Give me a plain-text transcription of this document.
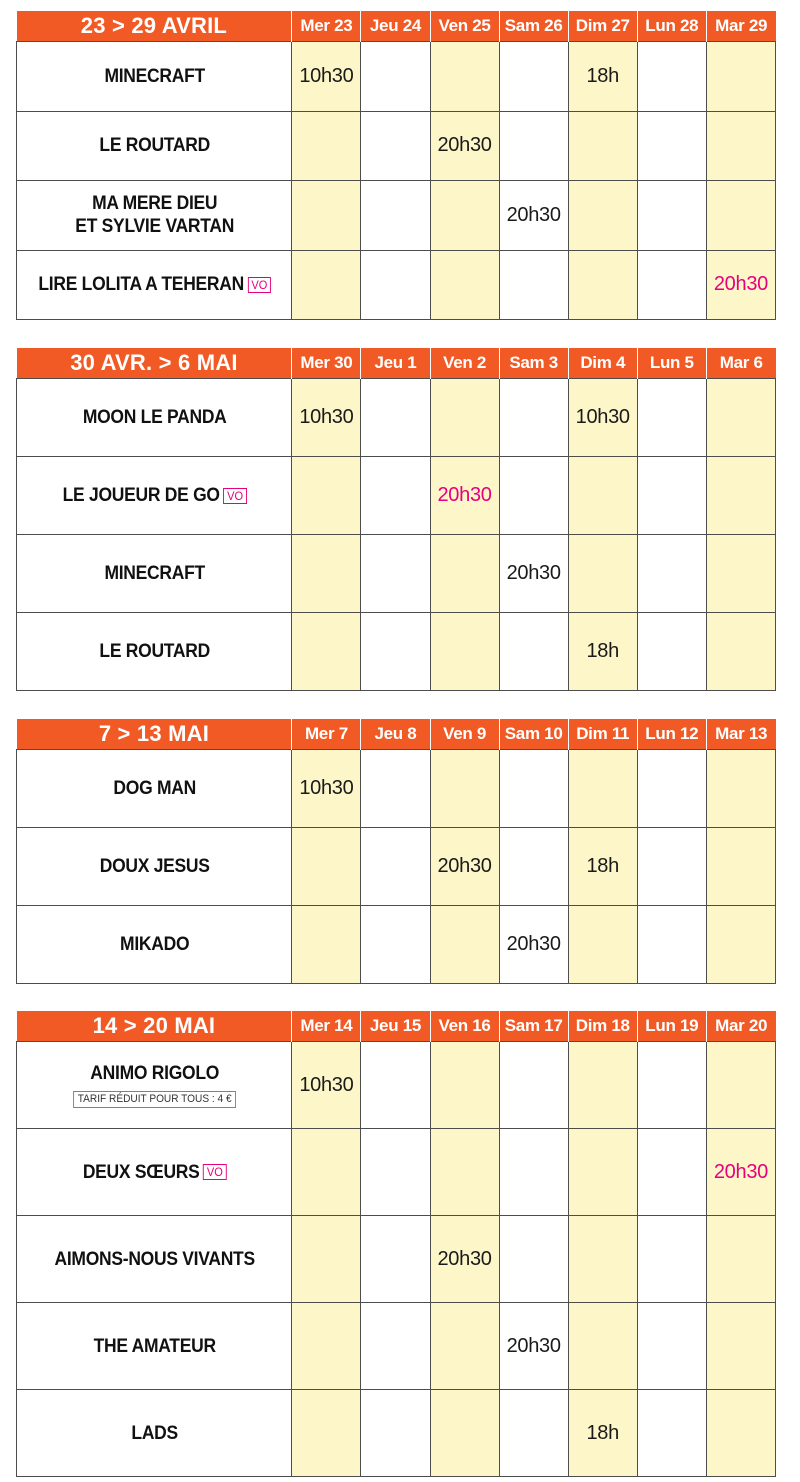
23 > 29 AVRIL	Mer 23	Jeu 24	Ven 25	Sam 26	Dim 27	Lun 28	Mar 29

MINECRAFT	10h30				18h		

LE ROUTARD			20h30				

MA MERE DIEU
ET SYLVIE VARTAN				20h30			

LIRE LOLITA A TEHERAN VO							20h30
30 AVR. > 6 MAI	Mer 30	Jeu 1	Ven 2	Sam 3	Dim 4	Lun 5	Mar 6

MOON LE PANDA	10h30				10h30		

LE JOUEUR DE GO VO			20h30				

MINECRAFT				20h30			

LE ROUTARD					18h		
7 > 13 MAI	Mer 7	Jeu 8	Ven 9	Sam 10	Dim 11	Lun 12	Mar 13

DOG MAN	10h30						

DOUX JESUS			20h30		18h		

MIKADO				20h30			
14 > 20 MAI	Mer 14	Jeu 15	Ven 16	Sam 17	Dim 18	Lun 19	Mar 20

ANIMO RIGOLO
TARIF RÉDUIT POUR TOUS : 4 €	10h30						

DEUX SŒURS VO							20h30

AIMONS-NOUS VIVANTS			20h30				

THE AMATEUR				20h30			

LADS					18h		
